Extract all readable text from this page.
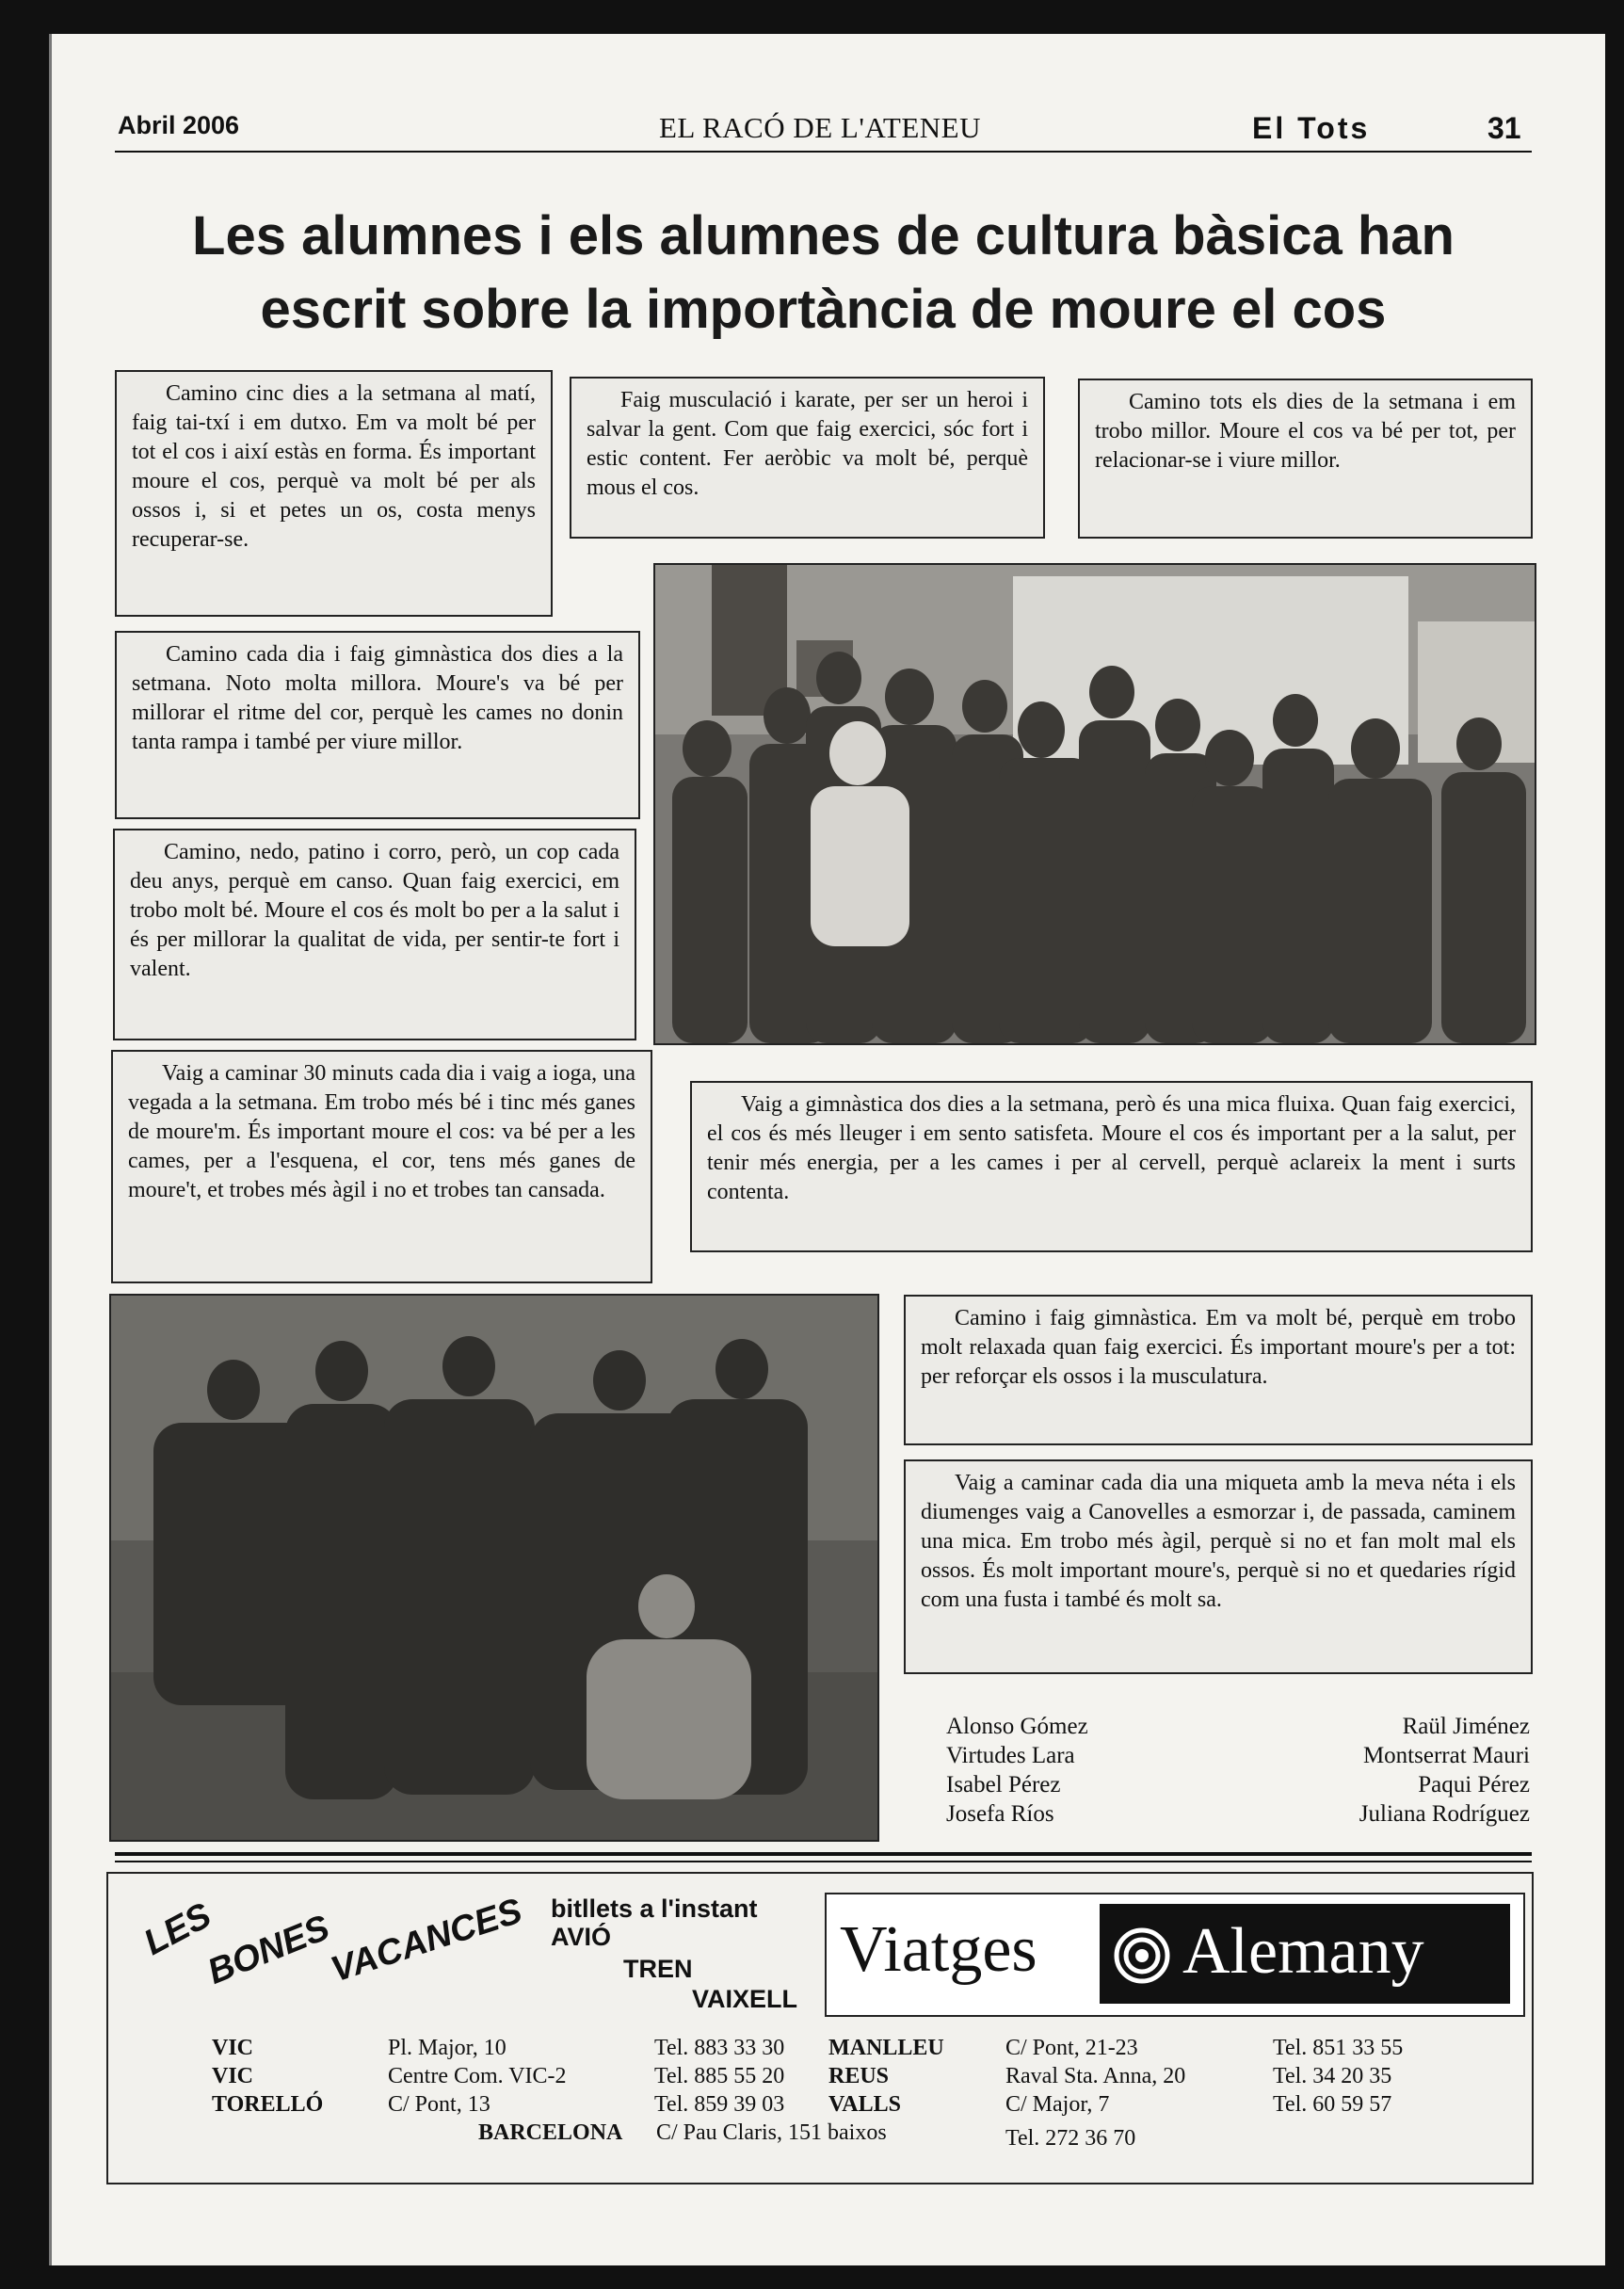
Abril 2006	EL RACÓ DE L'ATENEU	El Tots	31
Les alumnes i els alumnes de cultura bàsica han
escrit sobre la importància de moure el cos

Camino cinc dies a la setmana al matí, faig tai-txí i em dutxo. Em va molt bé per tot el cos i així estàs en forma. És important moure el cos, perquè va molt bé per als ossos i, si et petes un os, costa menys recuperar-se.

Faig musculació i karate, per ser un heroi i salvar la gent. Com que faig exercici, sóc fort i estic content. Fer aeròbic va molt bé, perquè mous el cos.

Camino tots els dies de la setmana i em trobo millor. Moure el cos va bé per tot, per relacionar-se i viure millor.

Camino cada dia i faig gimnàstica dos dies a la setmana. Noto molta millora. Moure's va bé per millorar el ritme del cor, perquè les cames no donin tanta rampa i també per viure millor.

Camino, nedo, patino i corro, però, un cop cada deu anys, perquè em canso. Quan faig exercici, em trobo molt bé. Moure el cos és molt bo per a la salut i és per millorar la qualitat de vida, per sentir-te fort i valent.

Vaig a caminar 30 minuts cada dia i vaig a ioga, una vegada a la setmana. Em trobo més bé i tinc més ganes de moure'm. És important moure el cos: va bé per a les cames, per a l'esquena, el cor, tens més ganes de moure't, et trobes més àgil i no et trobes tan cansada.

Vaig a gimnàstica dos dies a la setmana, però és una mica fluixa. Quan faig exercici, el cos és més lleuger i em sento satisfeta. Moure el cos és important per a la salut, per tenir més energia, per a les cames i per al cervell, perquè aclareix la ment i surts contenta.

Camino i faig gimnàstica. Em va molt bé, perquè em trobo molt relaxada quan faig exercici. És important moure's per a tot: per reforçar els ossos i la musculatura.

Vaig a caminar cada dia una miqueta amb la meva néta i els diumenges vaig a Canovelles a esmorzar i, de passada, caminem una mica. Em trobo més àgil, perquè si no et fan molt mal els ossos. És molt important moure's, perquè si no et quedaries rígid com una fusta i també és molt sa.

Alonso Gómez
Virtudes Lara
Isabel Pérez
Josefa Ríos
Raül Jiménez
Montserrat Mauri
Paqui Pérez
Juliana Rodríguez
LES
BONES
VACANCES bitllets a l'instant
AVIÓ
TREN
VAIXELL
Viatges Alemany
VIC	Pl. Major, 10	Tel. 883 33 30
VIC	Centre Com. VIC-2	Tel. 885 55 20
TORELLÓ	C/ Pont, 13	Tel. 859 39 03
MANLLEU	C/ Pont, 21-23	Tel. 851 33 55
REUS	Raval Sta. Anna, 20	Tel. 34 20 35
VALLS	C/ Major, 7	Tel. 60 59 57
BARCELONA C/ Pau Claris, 151 baixos	Tel. 272 36 70
